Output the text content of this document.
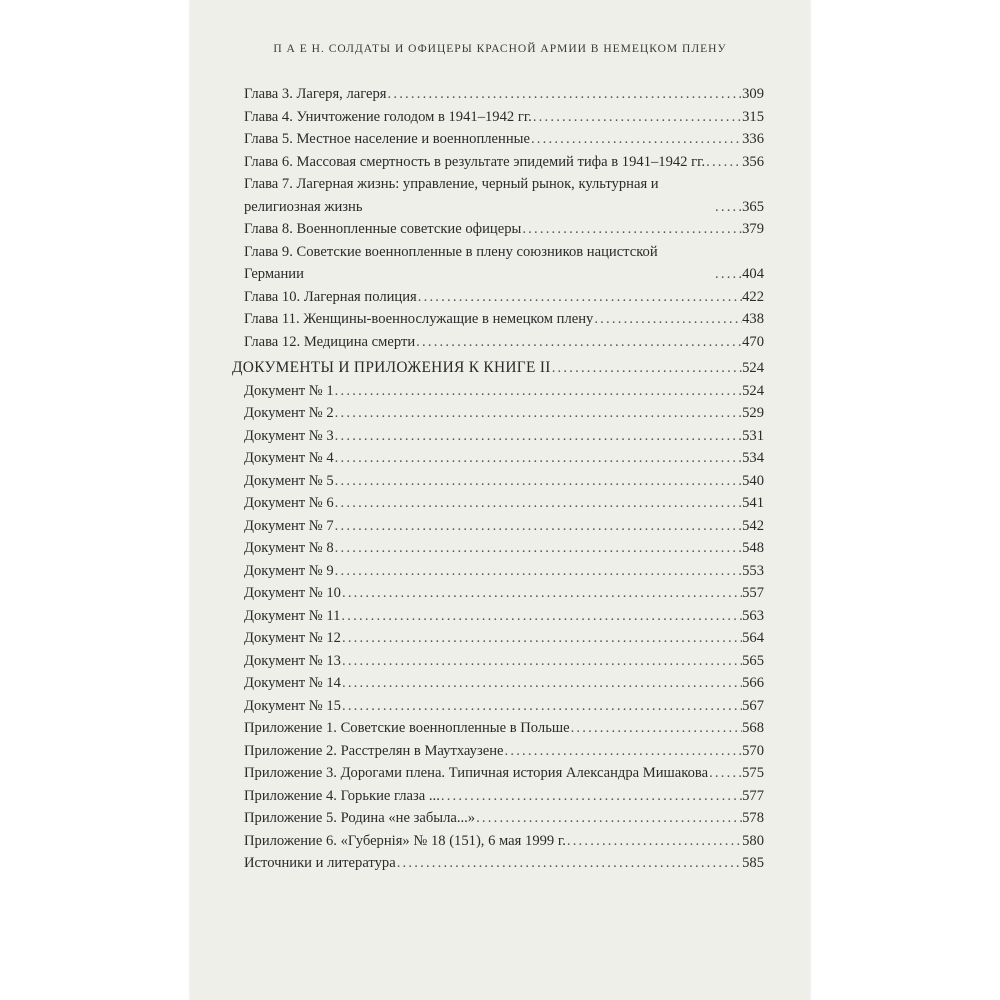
П А Е Н. СОЛДАТЫ И ОФИЦЕРЫ КРАСНОЙ АРМИИ В НЕМЕЦКОМ ПЛЕНУ
Глава 3. Лагеря, лагеря .....	309
Глава 4. Уничтожение голодом в 1941–1942 гг. .....	315
Глава 5. Местное население и военнопленные .....	336
Глава 6. Массовая смертность в результате эпидемий тифа в 1941–1942 гг. .....	356
Глава 7. Лагерная жизнь: управление, черный рынок, культурная и религиозная жизнь .....	365
Глава 8. Военнопленные советские офицеры .....	379
Глава 9. Советские военнопленные в плену союзников нацистской Германии .....	404
Глава 10. Лагерная полиция .....	422
Глава 11. Женщины-военнослужащие в немецком плену .....	438
Глава 12. Медицина смерти .....	470
ДОКУМЕНТЫ И ПРИЛОЖЕНИЯ К КНИГЕ II .....	524
Документ № 1 .....	524
Документ № 2 .....	529
Документ № 3 .....	531
Документ № 4 .....	534
Документ № 5 .....	540
Документ № 6 .....	541
Документ № 7 .....	542
Документ № 8 .....	548
Документ № 9 .....	553
Документ № 10 .....	557
Документ № 11 .....	563
Документ № 12 .....	564
Документ № 13 .....	565
Документ № 14 .....	566
Документ № 15 .....	567
Приложение 1. Советские военнопленные в Польше .....	568
Приложение 2. Расстрелян в Маутхаузене .....	570
Приложение 3. Дорогами плена. Типичная история Александра Мишакова ..... 575
Приложение 4. Горькие глаза ... .....	577
Приложение 5. Родина «не забыла...» .....	578
Приложение 6. «Губернiя» № 18 (151), 6 мая 1999 г. .....	580
Источники и литература .....	585
